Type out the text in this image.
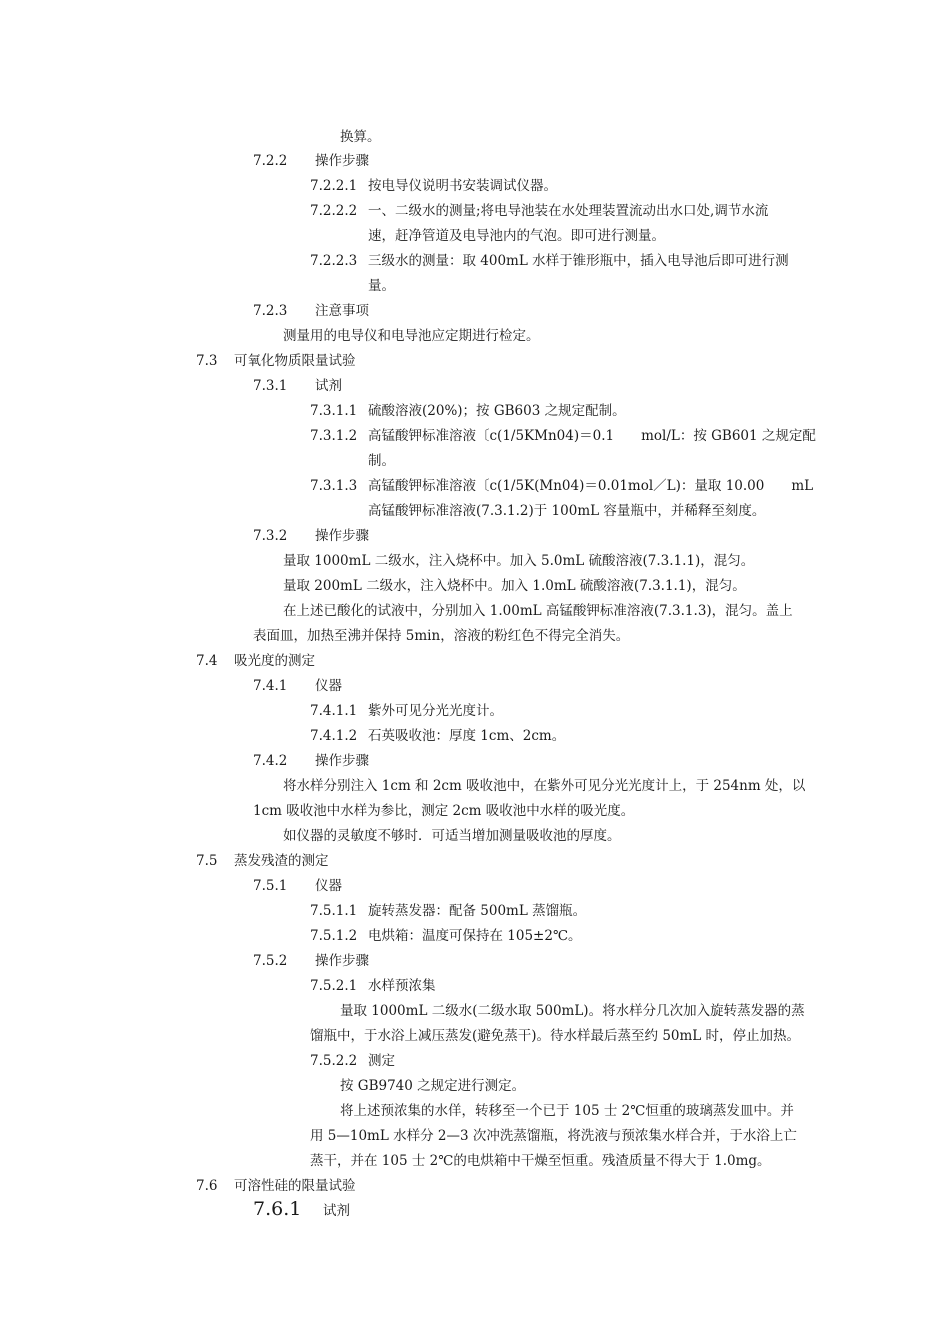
换算。
7.2.2 操作步骤
7.2.2.1 按电导仪说明书安装调试仪器。
7.2.2.2 一、二级水的测量;将电导池装在水处理装置流动出水口处,调节水流
速，赶净管道及电导池内的气泡。即可进行测量。
7.2.2.3 三级水的测量：取 400mL 水样于锥形瓶中，插入电导池后即可进行测
量。
7.2.3 注意事项
测量用的电导仪和电导池应定期进行检定。
7.3 可氧化物质限量试验
7.3.1 试剂
7.3.1.1 硫酸溶液(20%)；按 GB603 之规定配制。
7.3.1.2 高锰酸钾标准溶液〔c(1/5KMn04)＝0.1　　mol/L：按 GB601 之规定配
制。
7.3.1.3 高锰酸钾标准溶液〔c(1/5K(Mn04)＝0.01mol／L)：量取 10.00　　mL
高锰酸钾标准溶液(7.3.1.2)于 100mL 容量瓶中，并稀释至刻度。
7.3.2 操作步骤
量取 1000mL 二级水，注入烧杯中。加入 5.0mL 硫酸溶液(7.3.1.1)，混匀。
量取 200mL 二级水，注入烧杯中。加入 1.0mL 硫酸溶液(7.3.1.1)，混匀。
在上述已酸化的试液中，分别加入 1.00mL 高锰酸钾标准溶液(7.3.1.3)，混匀。盖上
表面皿，加热至沸并保持 5min，溶液的粉红色不得完全消失。
7.4 吸光度的测定
7.4.1 仪器
7.4.1.1 紫外可见分光光度计。
7.4.1.2 石英吸收池：厚度 1cm、2cm。
7.4.2 操作步骤
将水样分别注入 1cm 和 2cm 吸收池中，在紫外可见分光光度计上，于 254nm 处，以
1cm 吸收池中水样为参比，测定 2cm 吸收池中水样的吸光度。
如仪器的灵敏度不够时．可适当增加测量吸收池的厚度。
7.5 蒸发残渣的测定
7.5.1 仪器
7.5.1.1 旋转蒸发器：配备 500mL 蒸馏瓶。
7.5.1.2 电烘箱：温度可保持在 105±2℃。
7.5.2 操作步骤
7.5.2.1 水样预浓集
量取 1000mL 二级水(二级水取 500mL)。将水样分几次加入旋转蒸发器的蒸
馏瓶中，于水浴上减压蒸发(避免蒸干)。待水样最后蒸至约 50mL 时，停止加热。
7.5.2.2 测定
按 GB9740 之规定进行测定。
将上述预浓集的水佯，转移至一个已于 105 士 2℃恒重的玻璃蒸发皿中。并
用 5—10mL 水样分 2—3 次冲洗蒸馏瓶，将洗液与预浓集水样合并，于水浴上亡
蒸干，并在 105 士 2℃的电烘箱中干燥至恒重。残渣质量不得大于 1.0mg。
7.6 可溶性硅的限量试验
7.6.1 试剂
